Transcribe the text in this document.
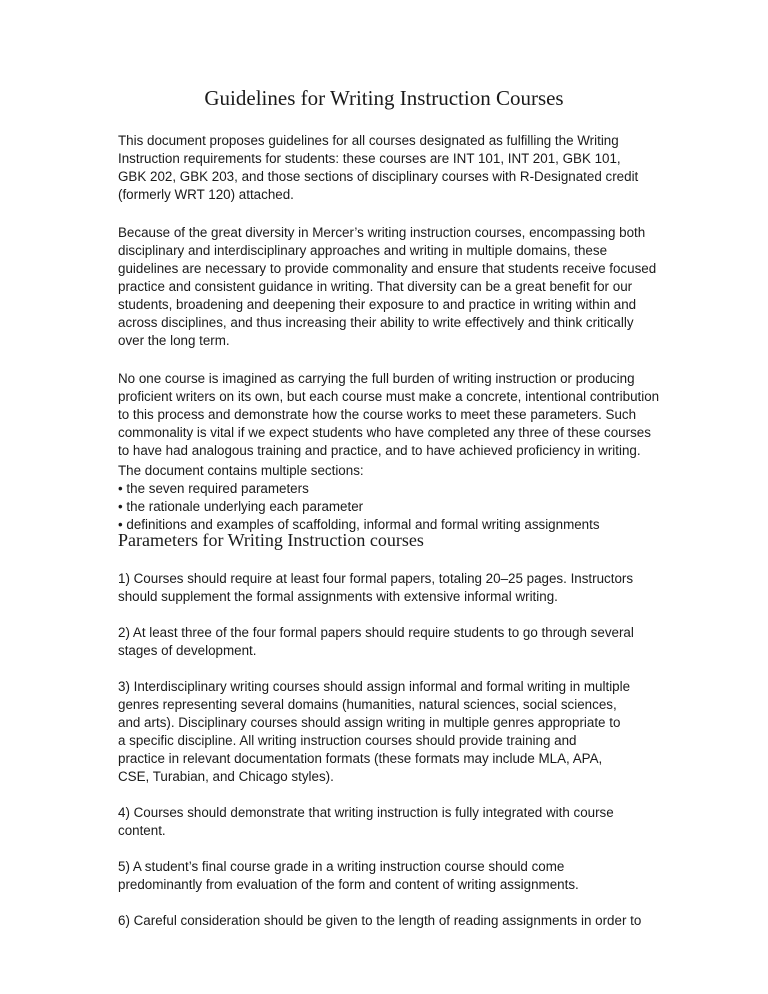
Guidelines for Writing Instruction Courses

This document proposes guidelines for all courses designated as fulfilling the Writing
Instruction requirements for students: these courses are INT 101, INT 201, GBK 101,
GBK 202, GBK 203, and those sections of disciplinary courses with R-Designated credit
(formerly WRT 120) attached.

Because of the great diversity in Mercer’s writing instruction courses, encompassing both
disciplinary and interdisciplinary approaches and writing in multiple domains, these
guidelines are necessary to provide commonality and ensure that students receive focused
practice and consistent guidance in writing. That diversity can be a great benefit for our
students, broadening and deepening their exposure to and practice in writing within and
across disciplines, and thus increasing their ability to write effectively and think critically
over the long term.

No one course is imagined as carrying the full burden of writing instruction or producing
proficient writers on its own, but each course must make a concrete, intentional contribution
to this process and demonstrate how the course works to meet these parameters. Such
commonality is vital if we expect students who have completed any three of these courses
to have had analogous training and practice, and to have achieved proficiency in writing.

The document contains multiple sections:
• the seven required parameters
• the rationale underlying each parameter
• definitions and examples of scaffolding, informal and formal writing assignments

Parameters for Writing Instruction courses

1) Courses should require at least four formal papers, totaling 20–25 pages. Instructors
should supplement the formal assignments with extensive informal writing.

2) At least three of the four formal papers should require students to go through several
stages of development.

3) Interdisciplinary writing courses should assign informal and formal writing in multiple
genres representing several domains (humanities, natural sciences, social sciences,
and arts). Disciplinary courses should assign writing in multiple genres appropriate to
a specific discipline. All writing instruction courses should provide training and
practice in relevant documentation formats (these formats may include MLA, APA,
CSE, Turabian, and Chicago styles).

4) Courses should demonstrate that writing instruction is fully integrated with course
content.

5) A student’s final course grade in a writing instruction course should come
predominantly from evaluation of the form and content of writing assignments.

6) Careful consideration should be given to the length of reading assignments in order to
